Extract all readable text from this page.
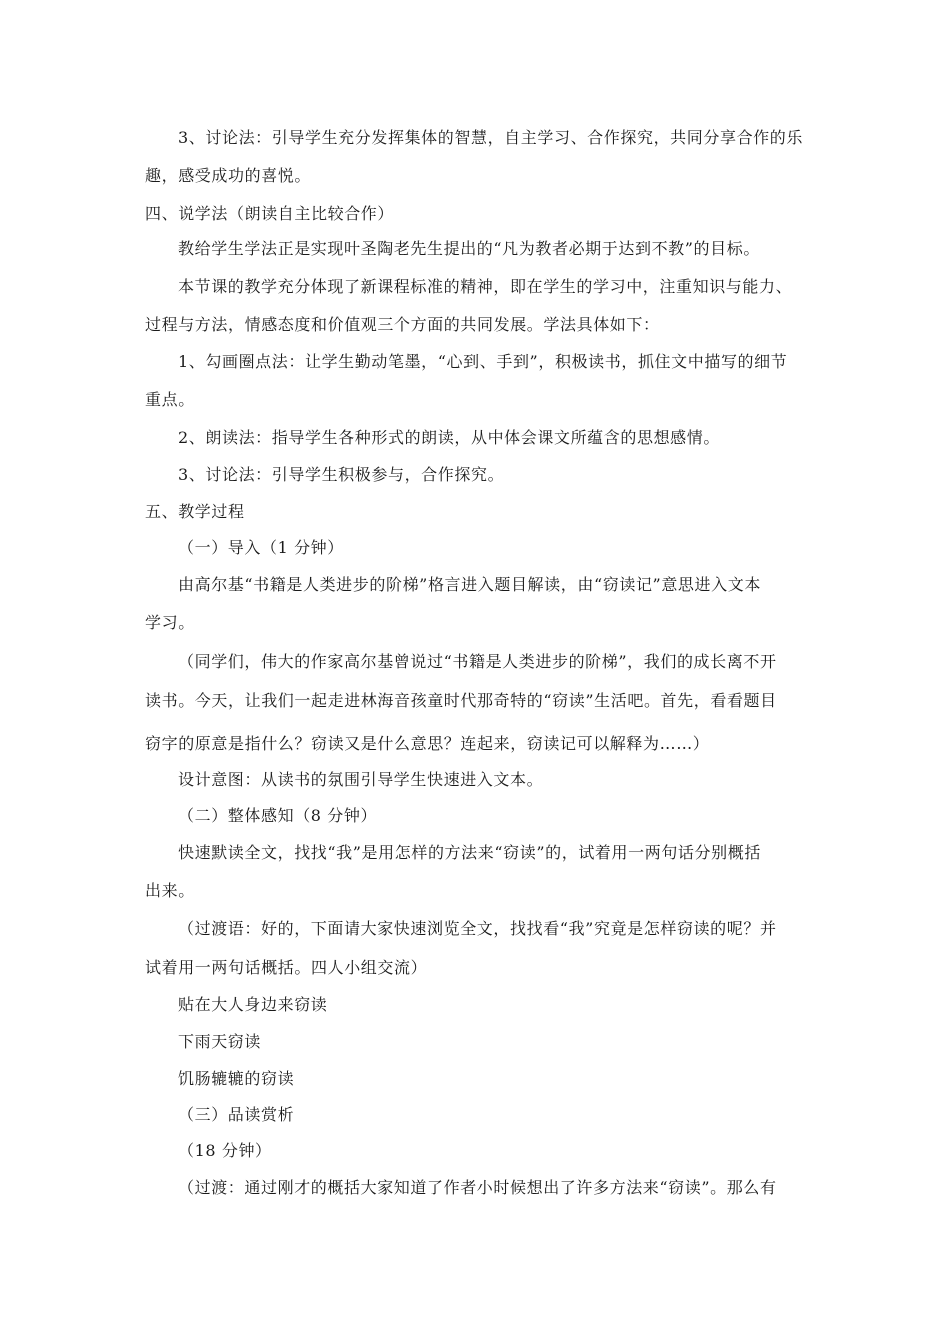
3、讨论法：引导学生充分发挥集体的智慧，自主学习、合作探究，共同分享合作的乐
趣，感受成功的喜悦。
四、说学法（朗读自主比较合作）
教给学生学法正是实现叶圣陶老先生提出的“凡为教者必期于达到不教”的目标。
本节课的教学充分体现了新课程标准的精神，即在学生的学习中，注重知识与能力、
过程与方法，情感态度和价值观三个方面的共同发展。学法具体如下：
1、勾画圈点法：让学生勤动笔墨，“心到、手到”，积极读书，抓住文中描写的细节
重点。
2、朗读法：指导学生各种形式的朗读，从中体会课文所蕴含的思想感情。
3、讨论法：引导学生积极参与，合作探究。
五、教学过程
（一）导入（1 分钟）
由高尔基“书籍是人类进步的阶梯”格言进入题目解读，由“窃读记”意思进入文本
学习。
（同学们，伟大的作家高尔基曾说过“书籍是人类进步的阶梯”，我们的成长离不开
读书。今天，让我们一起走进林海音孩童时代那奇特的“窃读”生活吧。首先，看看题目
窃字的原意是指什么？窃读又是什么意思？连起来，窃读记可以解释为……）
设计意图：从读书的氛围引导学生快速进入文本。
（二）整体感知（8 分钟）
快速默读全文，找找“我”是用怎样的方法来“窃读”的，试着用一两句话分别概括
出来。
（过渡语：好的，下面请大家快速浏览全文，找找看“我”究竟是怎样窃读的呢？并
试着用一两句话概括。四人小组交流）
贴在大人身边来窃读
下雨天窃读
饥肠辘辘的窃读
（三）品读赏析
（18 分钟）
（过渡：通过刚才的概括大家知道了作者小时候想出了许多方法来“窃读”。那么有
